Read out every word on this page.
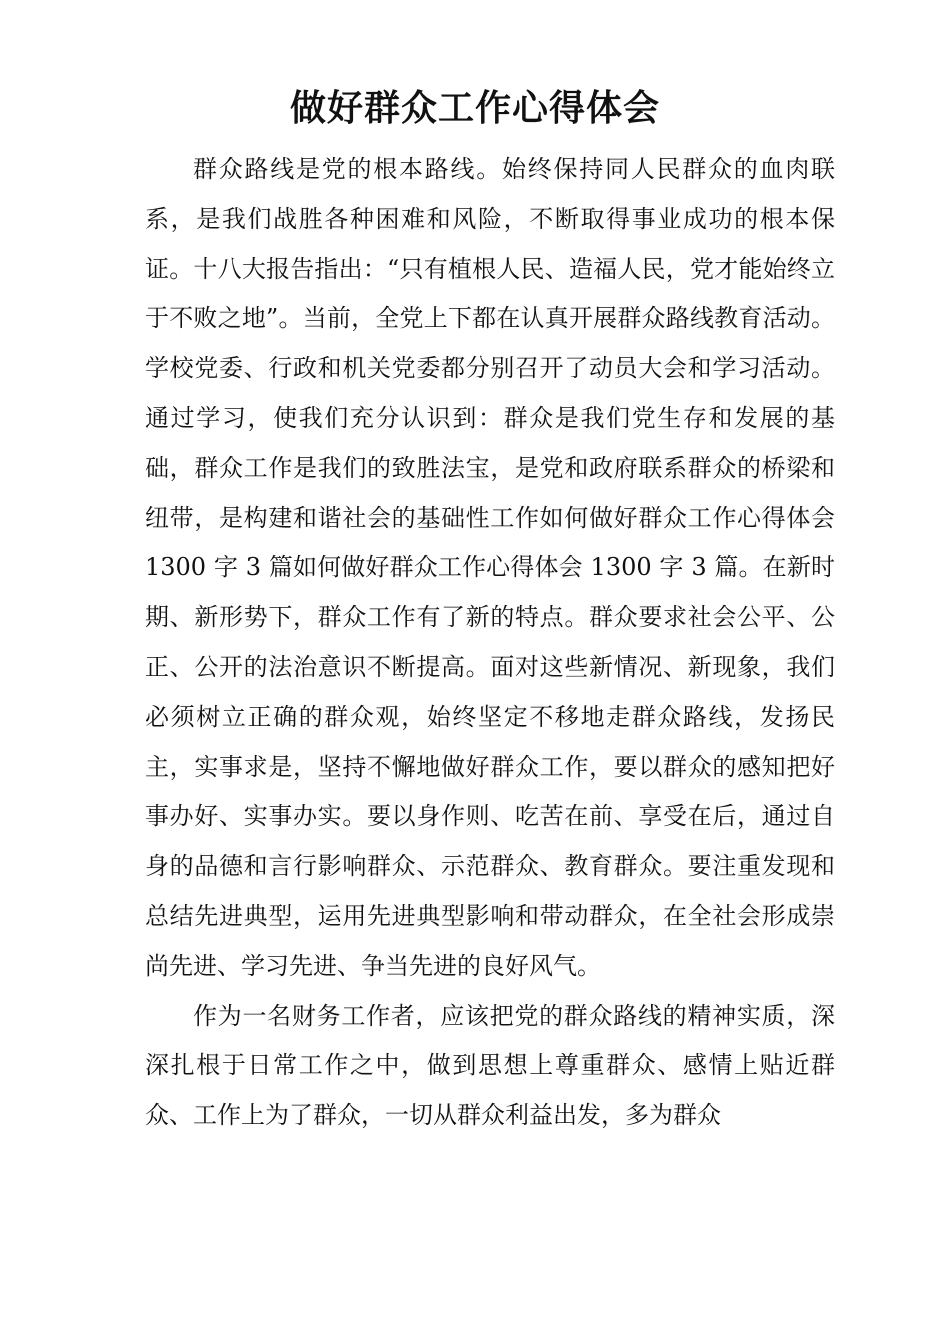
做好群众工作心得体会

群众路线是党的根本路线。始终保持同人民群众的血肉联系，是我们战胜各种困难和风险，不断取得事业成功的根本保证。十八大报告指出：“只有植根人民、造福人民，党才能始终立于不败之地”。当前，全党上下都在认真开展群众路线教育活动。学校党委、行政和机关党委都分别召开了动员大会和学习活动。通过学习，使我们充分认识到：群众是我们党生存和发展的基础，群众工作是我们的致胜法宝，是党和政府联系群众的桥梁和纽带，是构建和谐社会的基础性工作如何做好群众工作心得体会 1300 字 3 篇如何做好群众工作心得体会 1300 字 3 篇。在新时期、新形势下，群众工作有了新的特点。群众要求社会公平、公正、公开的法治意识不断提高。面对这些新情况、新现象，我们必须树立正确的群众观，始终坚定不移地走群众路线，发扬民主，实事求是，坚持不懈地做好群众工作，要以群众的感知把好事办好、实事办实。要以身作则、吃苦在前、享受在后，通过自身的品德和言行影响群众、示范群众、教育群众。要注重发现和总结先进典型，运用先进典型影响和带动群众，在全社会形成崇尚先进、学习先进、争当先进的良好风气。

作为一名财务工作者，应该把党的群众路线的精神实质，深深扎根于日常工作之中，做到思想上尊重群众、感情上贴近群众、工作上为了群众，一切从群众利益出发，多为群众
